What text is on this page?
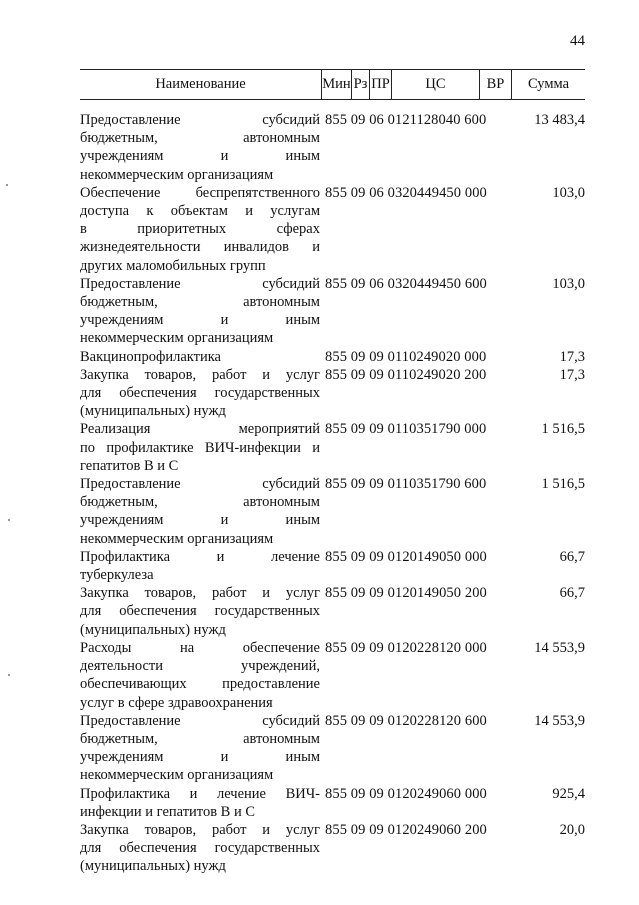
44
Наименование	Мин Рз ПР	ЦС	ВР	Сумма
Предоставление субсидий
бюджетным, автономным
учреждениям и иным
некоммерческим организациям
855 09 06 0121128040 600	13 483,4
Обеспечение беспрепятственного
доступа к объектам и услугам
в приоритетных сферах
жизнедеятельности инвалидов и
других маломобильных групп
855 09 06 0320449450 000	103,0
Предоставление субсидий
бюджетным, автономным
учреждениям и иным
некоммерческим организациям
855 09 06 0320449450 600	103,0
Вакцинопрофилактика	855 09 09 0110249020 000	17,3
Закупка товаров, работ и услуг
для обеспечения государственных
(муниципальных) нужд
855 09 09 0110249020 200	17,3
Реализация мероприятий
по профилактике ВИЧ-инфекции и
гепатитов В и С
855 09 09 0110351790 000	1 516,5
Предоставление субсидий
бюджетным, автономным
учреждениям и иным
некоммерческим организациям
855 09 09 0110351790 600	1 516,5
Профилактика и лечение
туберкулеза
855 09 09 0120149050 000	66,7
Закупка товаров, работ и услуг
для обеспечения государственных
(муниципальных) нужд
855 09 09 0120149050 200	66,7
Расходы на обеспечение
деятельности учреждений,
обеспечивающих предоставление
услуг в сфере здравоохранения
855 09 09 0120228120 000	14 553,9
Предоставление субсидий
бюджетным, автономным
учреждениям и иным
некоммерческим организациям
855 09 09 0120228120 600	14 553,9
Профилактика и лечение ВИЧ-
инфекции и гепатитов В и С
855 09 09 0120249060 000	925,4
Закупка товаров, работ и услуг
для обеспечения государственных
(муниципальных) нужд
855 09 09 0120249060 200	20,0
